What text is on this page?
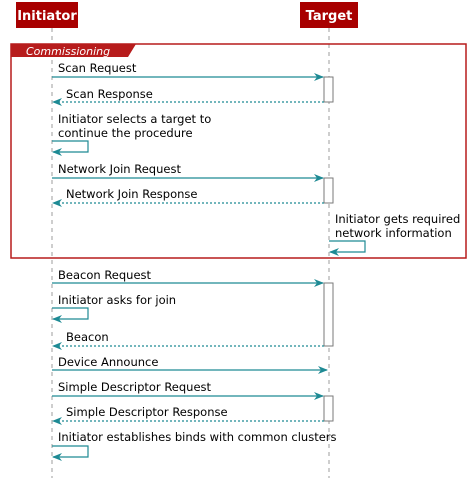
Initiator	Target
Commissioning
Scan Request
Scan Response
Initiator selects a target to
continue the procedure
Network Join Request
Network Join Response
Initiator gets required
network information
Beacon Request
Initiator asks for join
Beacon
Device Announce
Simple Descriptor Request
Simple Descriptor Response
Initiator establishes binds with common clusters
